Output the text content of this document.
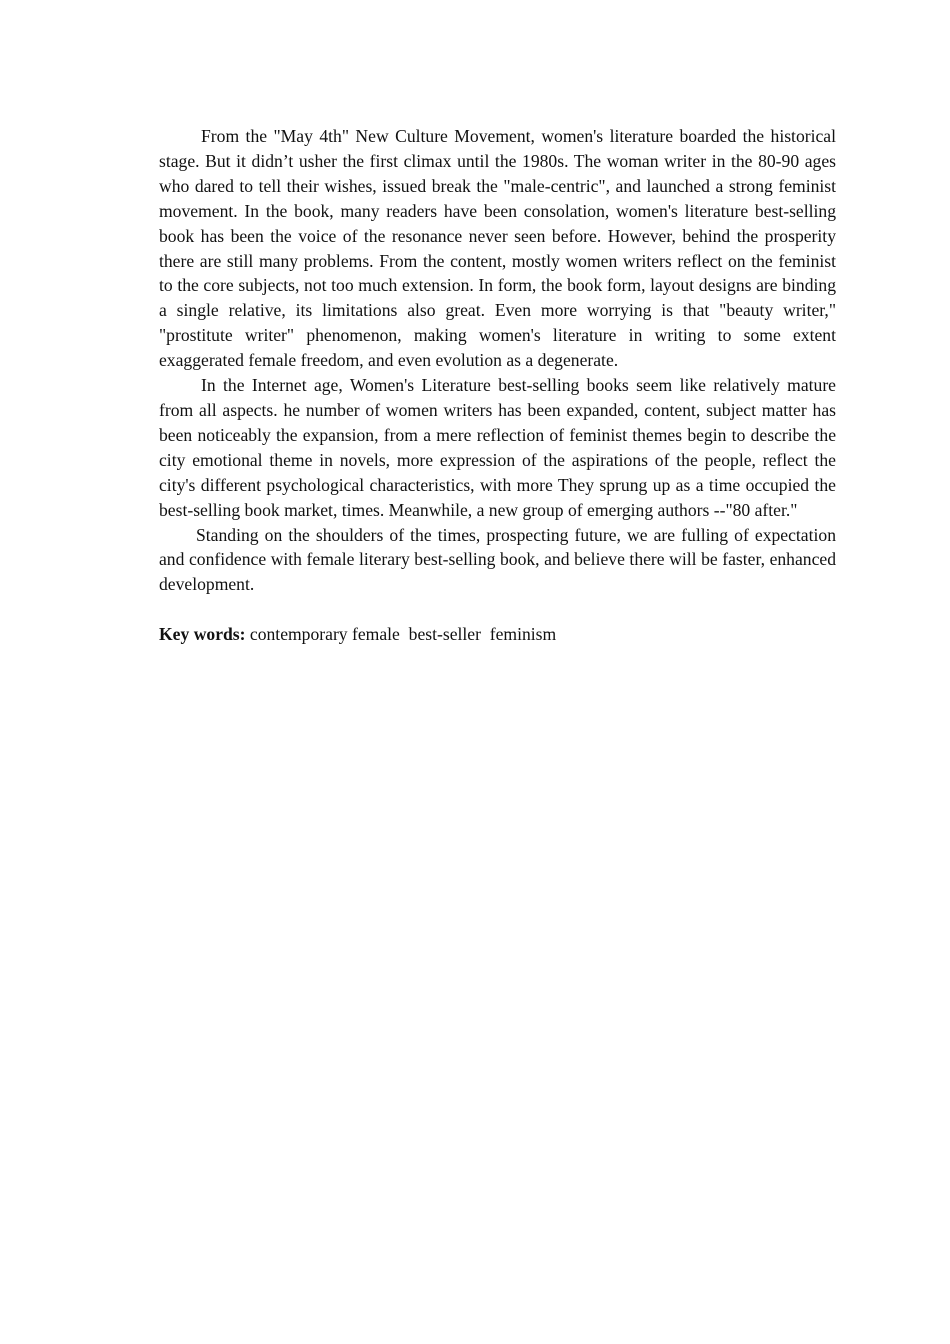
From the "May 4th" New Culture Movement, women's literature boarded the historical stage. But it didn’t usher the first climax until the 1980s. The woman writer in the 80-90 ages who dared to tell their wishes, issued break the "male-centric", and launched a strong feminist movement. In the book, many readers have been consolation, women's literature best-selling book has been the voice of the resonance never seen before. However, behind the prosperity there are still many problems. From the content, mostly women writers reflect on the feminist to the core subjects, not too much extension. In form, the book form, layout designs are binding a single relative, its limitations also great. Even more worrying is that "beauty writer," "prostitute writer" phenomenon, making women's literature in writing to some extent exaggerated female freedom, and even evolution as a degenerate.

In the Internet age, Women's Literature best-selling books seem like relatively mature from all aspects. he number of women writers has been expanded, content, subject matter has been noticeably the expansion, from a mere reflection of feminist themes begin to describe the city emotional theme in novels, more expression of the aspirations of the people, reflect the city's different psychological characteristics, with more They sprung up as a time occupied the best-selling book market, times. Meanwhile, a new group of emerging authors --"80 after."

Standing on the shoulders of the times, prospecting future, we are fulling of expectation and confidence with female literary best-selling book, and believe there will be faster, enhanced development.

Key words: contemporary female  best-seller  feminism
